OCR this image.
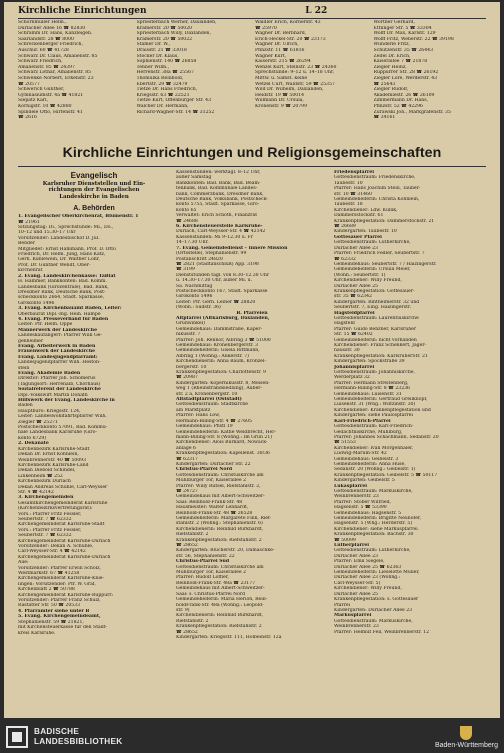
Kirchliche Einrichtungen	L 22
Schornmüller Helm.,
Durlacher Allee 16 ☎ 82830
Schramm Dr. Hans, Kanzleigen.
Saarlandstr. 28 ☎ 8000
Schreckenberger Friedrich,
Auschür. 60 ☎ 41728
Schwarz Dr. Claus, Amalienstr. 85
Schwarz Friedrich,
Amalienstr. 85 ☎ 24397
Schwarz Lothar, Amalienstr. 85
Schwenke Norbert, Erkenstr. 23
☎ 20577
Schwerich Günther,
Gymnasiumstr. 4a ☎ 41821
Siepatz Karl,
Körnigstr. 10 ☎ 42880
Spindele Otto, Hirtenstr. 41
☎ 2616
Spriesterbach Werner, Daxlanden,
Krämerstr. 20 ☎ 50020
Spriesterbach Willy, Daxlanden,
Krämerstr. 20 ☎ 50022
Stamer Dr. W.,
Draisstr. 21 ☎ 33018
Stocker Dr. Klaus,
Sophienstr. 140 ☎ 26858
Tenner Wilm.,
Herrenstr. 38a ☎ 25567
Thomulka Reinhold,
Ebertstr. 29 ☎ 32479
Tietze Dr. Hans Friedrich,
Kriegsstr. 63 ☎ 22521
Tietze Kurt, Offenburger Str. 43
Walcher Dr. Hermann,
Richard-Wagner-Str. 14 ☎ 31252
Wäldler Erich, Körnerstr. 43
☎ 25970
Wagner Dr. Bernhard,
Erich-Heckel-Str. 20 ☎ 23173
Wagner Dr. Ulrich,
Pfinzstr. 11 ☎ 61816
Wagner Kurt,
Kaiserstr. 215 ☎ 26294
Wenzel Kurt, Steinstr. 23 ☎ 24360
Sprechstunde: 9–12 u. 14–18 Uhr,
Mittw. u. Samst. keine
Wetzel Curt, Waldstr. 59 ☎ 25357
Wild Dr. Wilhelm, Daxlanden,
Heidstr. 19 ☎ 50014
Willmann Dr. Ursula,
Kronenstr. 9 ☎ 20799
Wörther Gerhard,
Ettlinger Str. 5 ☎ 33304
Wolff Dr. Max, Karlstr. 129
Wolff Fritz, Weberstr. 22 ☎ 39198
Wunderle Fritz,
Schützenstr. 35 ☎ 26443
Zeifel Dr. Erich,
Kaiserallee 7 ☎ 21878
Ziegler Heinz,
Rüppurrer Str. 28 ☎ 26192
Ziegler Lore, Werderstr. 43
☎ 25643
Ziegler Rudolf,
Akademiestr. 26 ☎ 26109
Zimmermann Dr. Hans,
Pfinzstr. 52 ☎ 42296
Zurawski Joh., Markgrafenstr. 35
☎ 34161
Kirchliche Einrichtungen und Religionsgemeinschaften
Evangelisch
Karlsruher Dienststellen und Ein-
richtungen der Evangelischen
Landeskirche in Baden
A. Behörden
1. Evangelischer Oberkirchenrat, Blumenstr. 1
☎ 21961
Sitzungstag: Di., Sprechstunde: Mi., Do.,
10–12 und 15.30–17 Uhr
Vorsitzender: Landesbischof D. Jul.
Bender
Mitglieder: Ernst Hammann, Prof. D. Otto
Friedrich, Dr. Helm. Jung, Hans Katz,
Gerh. Kühlewein, Dr. Walther Löhr,
Prof. Dr. Günther Wendt, Ober-
kirchenrat
2. Evang. Landeskirchenkasse: TaBlat
H. Hammer, Bankkonten: Bad. Komm.
Landesbank (Girozentrale), Bad. Bank,
Dresdner Bank, Deutsche Bank, Post-
scheckkonto 2664, Städt. Sparkasse,
Girokonto 1496
3. Evang. Kirchenbauamt Baden, Leiter:
Oberbaurat Dipl.-Ing. Hein. Hampe
4. Evang. Presseverband für Baden
Leiter: Pfr. Helm. Oppe
Männerwerk der Landeskirche
Landeskaufängerr: Pfarrer Willi Ge-
genheimer
Evang. Arbeiterwerk in Baden
Frauenwerk der Landeskirche
Evang. Landesjugendpfarramt:
Landesjugendpfarrer Wilh. Heston-
stein
Evang. Akademie Baden
Direktor: Pfarrer Joh. Schomerus
(Tagungsort: Herrenalb, Chorhaus)
Sozialreferent der Landeskirche
Dipl.-Volkswirt Martin Donath
Hilfswerk der Evang. Landeskirche in
Baden
Hauptbüro: Kriegsstr. 124,
Leiter: Landeswohlfahrtspfarrer Wilh.
Ziegler ☎ 25271
Postscheckkonto 57091, Bad. Kommu-
nale Landesbank Karlsruhe (Giro-
konto 6729)
2. Dekanate
Kirchenbezirk Karlsruhe-Stadt
Dekan Dr. Ernst Köhnlein,
Weinbrennerstr. 40 ☎ 50093
Kirchenbezirk Karlsruhe-Land
Dekan Diebold Schindel,
Linkenheim ☎ 252
Kirchenbezirk Durlach
Dekan Andreas Schühle, Carl-Weysser
Str. 4 ☎ 42142
3. Kirchengemeinden
Gesamtkirchengemeinderat Karlsruhe
(Kirchenbezirksvertretungsrat):
Vors.: Pfarrer Fritz Fessler,
Seubertstr. 7 ☎ 62332
Kirchengemeinderat Karlsruhe-Stadt
Vors.: Pfarrer Fritz Fessler,
Seubertstr. 7 ☎ 62332
Kirchengemeinderat Karlsruhe-Durlach
Vorsitzender: Dekan A. Schühle,
Carl-Weysser-Str. 4 ☎ 42142
Kirchengemeinderat Karlsruhe-Durlach
Aue:
Vorsitzender: Pfarrer Erwin Scholz,
Westmarkstr. 67 ☎ 41258
Kirchengemeinderat Karlsruhe-Knie-
lingen: Vorsitzender: Pfr. W. Graf,
Kirchenblatt 2 ☎ 50788
Kirchengemeinderat Karlsruhe-Rüppurr:
Vorsitzender: Pfarrer Franz Schulz,
Rastatter Str. 50 ☎ 20533
4. Pfarrämter siehe unter B
5. Evang. Kirchengemeindeamt,
Stephanienstr. 59 ☎ 21821,
mit Kirchensteuerkasse für den Stadt-
kreis Karlsruhe.
Kassenstunden: werktägl. 8–12 Uhr,
außer Samstag
Bankkonten: Bad. Bank, Bad. Beam-
tenbank, Bad. Kommunale Landes-
bank, Commerzbank, Dresdner Bank,
Deutsche Bank, Volksbank, Postscheck-
konto 5755, Städt. Sparkasse, Giro-
konto 65
Verwaltet: Erich Schoth, Finanzrat
☎ 24688
6. Kirchensteuerstelle Karlsruhe-
Durlach, Carl-Weysser-Str. 4 ☎ 42142
Kassenstunden: Mi 9–12.30 u. Fr
14–17.30 Uhr.
7. Evang. Gemeindedienst – Innere Mission
(Ortsstelle), Stephanienstr. 99
Postanschrift 24820
☎ 2821 (Stadtanschluß) App. 3198
☎ 3199
Dienststunden tägl. von 8.30–12.30 Uhr
u. 14.30–17.30 Uhr, außer Mi. u.
Sa. Nachmittag
Postscheckkonto 167, Städt. Sparkasse
Girokonto 1496
Leiter: Pfr. Gerh. Leiner ☎ 28820
(Wohn.: Südstr. 36)
B. Pfarreien
Altpfarrei (Altkarlsburg, Daxlanden,
Grünwinkel)
Gemeindehaus: Dammstraße, Kaper-
nikusstr. 7
Pfarrer: Joh. Rennor, Albring 3 ☎ 51000
Gemeindehaus: Kronenbergerstr. 3
Gemeindehelferin: Gisela Rittmann,
Albring 1 (Wohng.: Ankerstr. 7)
Kirchendienerin: Anna Baum, Kronzel-
bergerstr. 10
Krankenpflegestation: Charlottenstr. 9
☎ 20987
Kindergärten: Kopernikusstr. 8, Meisen-
weg 1 (Rheinstrandsiedlung), Auber-
str. 2 a, Kronenbergstr. 10
Altstadtpfarrei (Oststadt)
Gottesdienstraum: Stadtkirche
am Marktplatz
Pfarrer: Hans Löw,
Hermann-Billing-Str. 4 ☎ 27605
Gemeindehaus: Pfistl 19
Gemeindehelferin: Käthe Weidbrecht, Her-
mann-Billing-Str. 8 (Wohng.: Im Grün 21)
Kirchendiener: Alois Burkard, Nowack-
anlage 6
Krankenpflegestation: Kapellenst. 30/36
☎ 62317
Kindergarten: Durlacher Str. 22
Christus-Pfarrei Nord
Gottesdienstraum: Christuskirche am
Mühlburger Tor, Kaiserallee 2
Pfarrer: Willy Rutsel, Riefstahlstr. 2,
☎ 24727
Gemeindehaus mit Albert-Schweitzer-
Saal: Reinhold-Frank-Str. 48
Hausmeister: Walter Lenhardt,
Reinhold-Frank-Str. 48 ☎ 26528
Gemeindehelferin: Margarete Fink, Rief-
stahlstr. 2 (Wohng.: Stephanienstr. 6)
Kirchendienerin: Reinhild Burkhardt,
Riefstahlstr. 2
Krankenpflegestation: Riefstahlstr. 2
☎ 28652
Kindergarten: Blücherstr. 20, Damaschke-
str. 56, Stephanienstr. 22
Christus-Pfarrei Süd
Gottesdienstraum: Christuskirche am
Mühlburger Tor, Kaiserallee 2
Pfarrer: Rudolf Löffler,
Reinhold-Frank-Str. 48a ☎ 23177
Gemeindehaus mit Albert-Schweitzer-
Saal: s. Christus-Pfarrei Nord
Gemeindehelferin: Maria Herion, Rein-
holdFrank-Str. 48a (Wohng.: Leopold-
str. 9)
Kirchendienerin: Reinhild Burkhardt,
Riefstahlstr. 2
Krankenpflegestation: Riefstahlstr. 2
☎ 28652
Kindergarten: Kriegsstr. 111, Holbeinstr. 12a
Friedenspfarrei
Gottesdienstraum: Friedenskirche,
Taubestr. 10
Pfarrer: Hans Joachim Stein, Tauber-
str. 10 ☎ 31460
Gemeindehelferin: Christa Köhnlein,
Taubestr. 18
Kirchendiener: Ldw. Kullik,
Dammersstockstr. 61
Krankenpflegestation: Dammerstockstr. 21
☎ 26689
Kindergarten: Taubestr. 10
Gottesauer Pfarrei
Gottesdienstraum: Lutherkirche,
Durlacher Allee 23
Pfarrer: Friedrich Fedler, Seubertstr. 7
☎ 62332
Gemeindehaus: Seubertstr. 7 / Haizingerstr.
Gemeindehelferin: Ursula Meier,
(Wohn.: Seubertstr. 1)
Kirchendiener: Willy Freund,
Durlacher Allee 25
Krankenpflegestation: Gottesauer-
str. 35 ☎ 62342
Kindergärten: Rintheimerstr. 32 und
Seubertstr. 7, Eing. Haizingerstr.
Hagsfeldpfarrei
Gottesdienstraum: Laurentiuskirche
Hagsfeld
Pfarrer: Guido Benzner, Karlsruher
Str. 15 ☎ 62402
Gemeindehelferin: nicht vorhanden
Kirchendiener: Franz Schenkert, Jäger-
hausstr. 30
Krankenpflegestation: KarlsruherStr. 21
Kindergarten: Spöckstraße 39
Johannispfarrei
Gottesdienstraum: Johanniskirche,
Werderplatz 32
Pfarrer: Hermann Streitenberg,
Hermann-Billing-Str. 8 ☎ 23236
Gemeindehaus: Luisenstr. 31
Gemeindehelferin: Gertraud Greilknopf,
Luisenstr. 31 (Whg.: Wiltzinstr. 30)
Kirchendiener: Krankenpflegestation und
Kindergarten: siehe Paulospfarrei
Karl-Friedrich-Pfarrei
Gottesdienstraum: Karl-Friedrich-
Gedächtniskirche, Mühlburg,
Pfarrer: Johannes Schachmann, Sedanstr. 20
☎ 51553
Kirchendiener: Ivan Morgenhaler,
Ludwig-Marum-Str. 42
Gemeindehaus: Geibelstr. 3
Gemeindehelferin: Anna Huse,
Sedanstr. 20 (Wohng.: Geibelstr. 1)
Krankenpflegestation: Geibelstr. 5 ☎ 50117
Kindergarten: Geibelstr. 5
Lukaspfarrei
Gottesdienstraum: Markuskirche,
Weinbrennerstr. 23
Pfarrer: Stober Wilfried,
Hagsenstr. 5 ☎ 53390
Gemeindehaus: Hagsenstr. 5
Gemeindehelferin: Brigitte Neuhöfer,
Hagsenstr. 5 (Whg.: Herderstr. 5)
Kirchendiener: siehe Markuspfarrei
Krankenpflegestation: Bachstr. 30
☎ 50099
Lutherpfarrei
Gottesdienstraum: Lutherkirche,
Durlacher Allee 23
Pfarrer: Emil Siegele,
Durlacher Allee 25 ☎ 62363
Gemeindehelferin: Lieselotte Müller,
Durlacher Allee 23 (Wohng.:
Carl-Weysser-Str. 5)
Kirchendiener: Willy Freund,
Durlacher Allee 25
Krankenpflegestation: s. Gottesauer
Pfarrei
Kindergarten: Durlacher Allee 23
Markuspfarrei
Gottesdienstraum: Markuskirche,
Weinbrennerstr. 23
Pfarrer: Helmut Feil, Weinbrennerstr. 12
BADISCHE
LANDESBIBLIOTHEK	Baden-Württemberg
